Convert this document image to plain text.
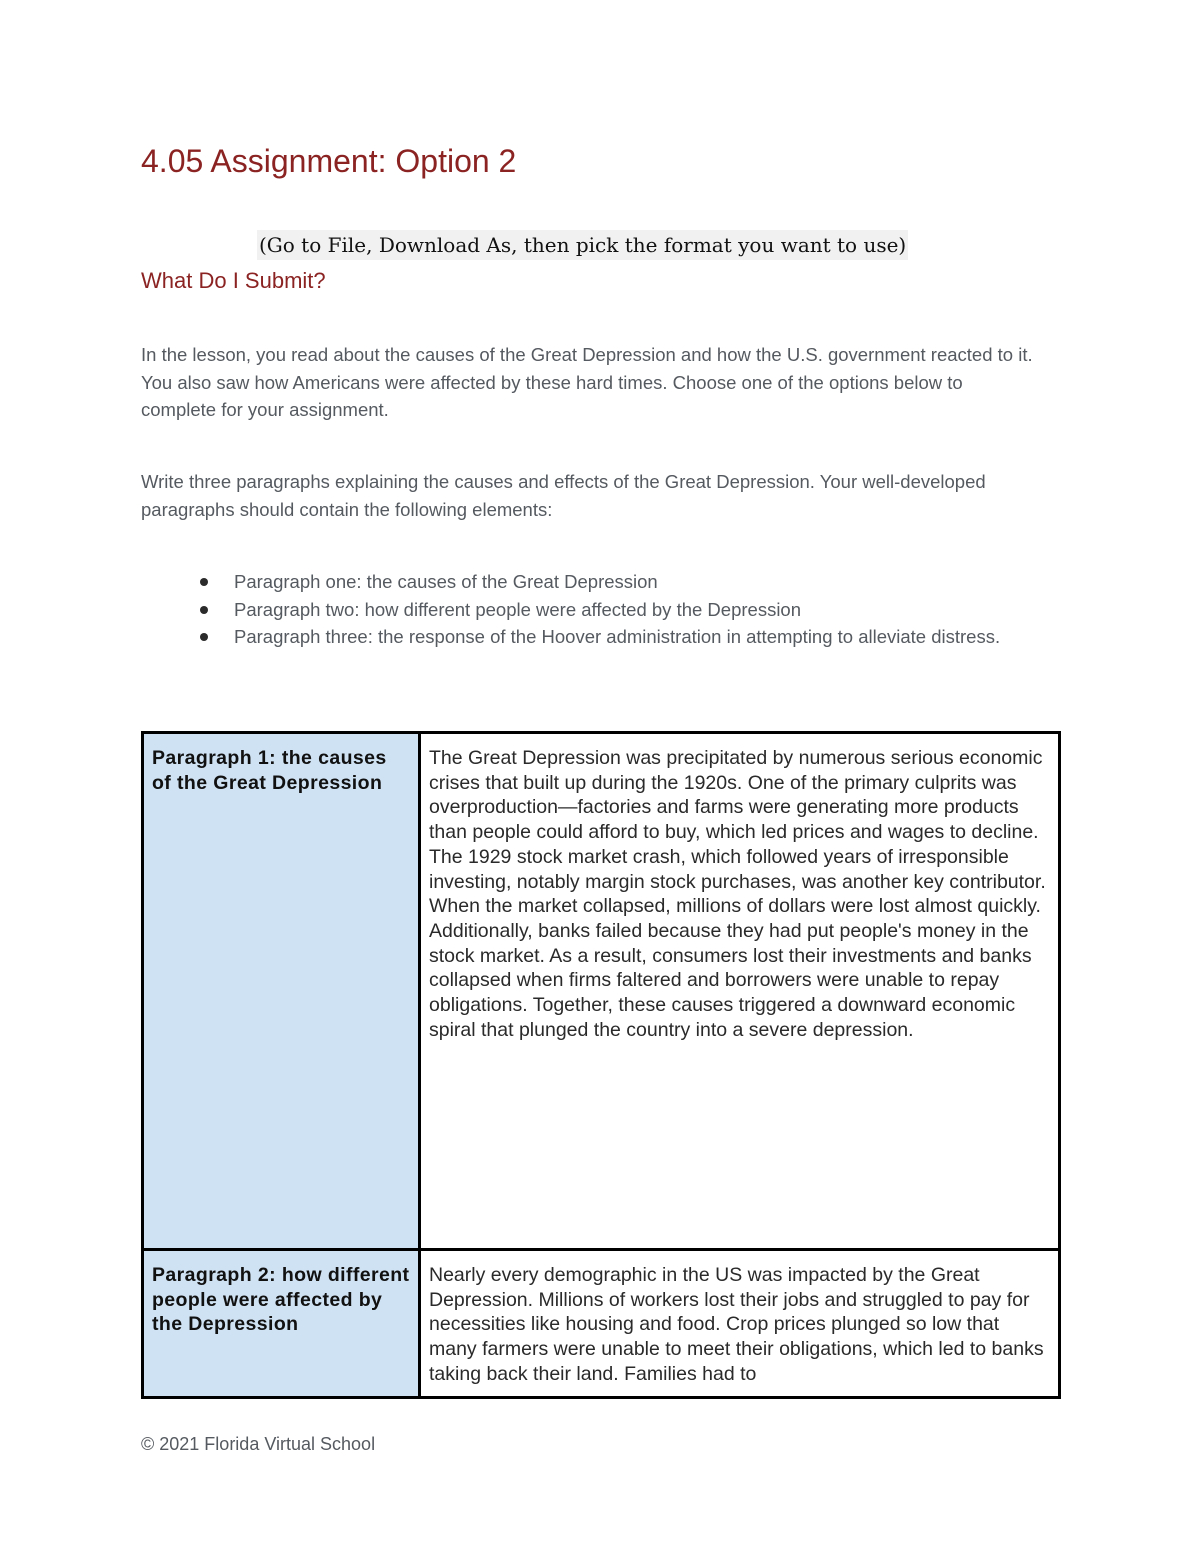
4.05 Assignment: Option 2
(Go to File, Download As, then pick the format you want to use)
What Do I Submit?

In the lesson, you read about the causes of the Great Depression and how the U.S. government reacted to it. You also saw how Americans were affected by these hard times. Choose one of the options below to complete for your assignment.

Write three paragraphs explaining the causes and effects of the Great Depression. Your well-developed paragraphs should contain the following elements:

Paragraph one: the causes of the Great Depression
Paragraph two: how different people were affected by the Depression
Paragraph three: the response of the Hoover administration in attempting to alleviate distress.
Paragraph 1: the causes of the Great Depression	The Great Depression was precipitated by numerous serious economic crises that built up during the 1920s. One of the primary culprits was overproduction—factories and farms were generating more products than people could afford to buy, which led prices and wages to decline. The 1929 stock market crash, which followed years of irresponsible investing, notably margin stock purchases, was another key contributor. When the market collapsed, millions of dollars were lost almost quickly. Additionally, banks failed because they had put people's money in the stock market. As a result, consumers lost their investments and banks collapsed when firms faltered and borrowers were unable to repay obligations. Together, these causes triggered a downward economic spiral that plunged the country into a severe depression.
Paragraph 2: how different people were affected by the Depression	Nearly every demographic in the US was impacted by the Great Depression. Millions of workers lost their jobs and struggled to pay for necessities like housing and food. Crop prices plunged so low that many farmers were unable to meet their obligations, which led to banks taking back their land. Families had to
© 2021 Florida Virtual School
